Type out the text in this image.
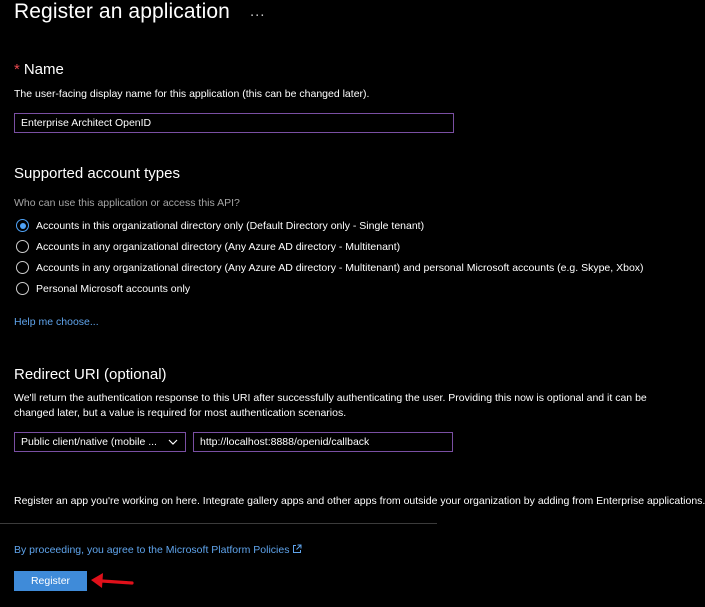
Register an application ...
* Name
The user-facing display name for this application (this can be changed later).
Enterprise Architect OpenID
Supported account types
Who can use this application or access this API?
Accounts in this organizational directory only (Default Directory only - Single tenant)
Accounts in any organizational directory (Any Azure AD directory - Multitenant)
Accounts in any organizational directory (Any Azure AD directory - Multitenant) and personal Microsoft accounts (e.g. Skype, Xbox)
Personal Microsoft accounts only
Help me choose...
Redirect URI (optional)
We'll return the authentication response to this URI after successfully authenticating the user. Providing this now is optional and it can be
changed later, but a value is required for most authentication scenarios.
Public client/native (mobile ...	http://localhost:8888/openid/callback
Register an app you're working on here. Integrate gallery apps and other apps from outside your organization by adding from Enterprise applications.
By proceeding, you agree to the Microsoft Platform Policies
Register
